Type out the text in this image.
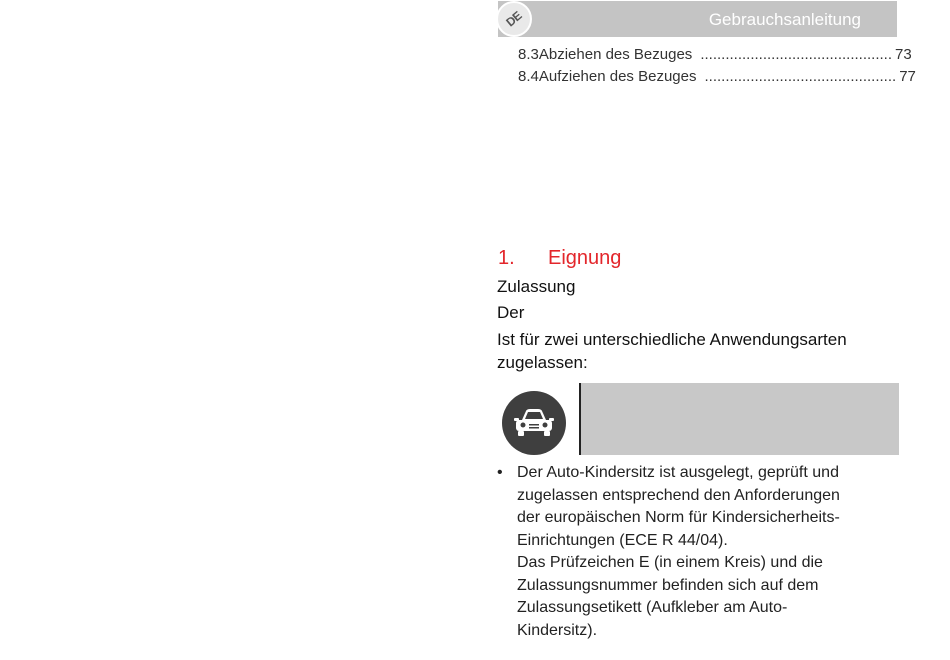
DE	Gebrauchsanleitung
8.3 Abziehen des Bezuges .............................................. 73
8.4 Aufziehen des Bezuges .............................................. 77
1. Eignung
Zulassung
Der
Ist für zwei unterschiedliche Anwendungsarten zugelassen:
• Der Auto-Kindersitz ist ausgelegt, geprüft und
zugelassen entsprechend den Anforderungen
der europäischen Norm für Kindersicherheits-
Einrichtungen (ECE R 44/04).
Das Prüfzeichen E (in einem Kreis) und die
Zulassungsnummer befinden sich auf dem
Zulassungsetikett (Aufkleber am Auto-
Kindersitz).
